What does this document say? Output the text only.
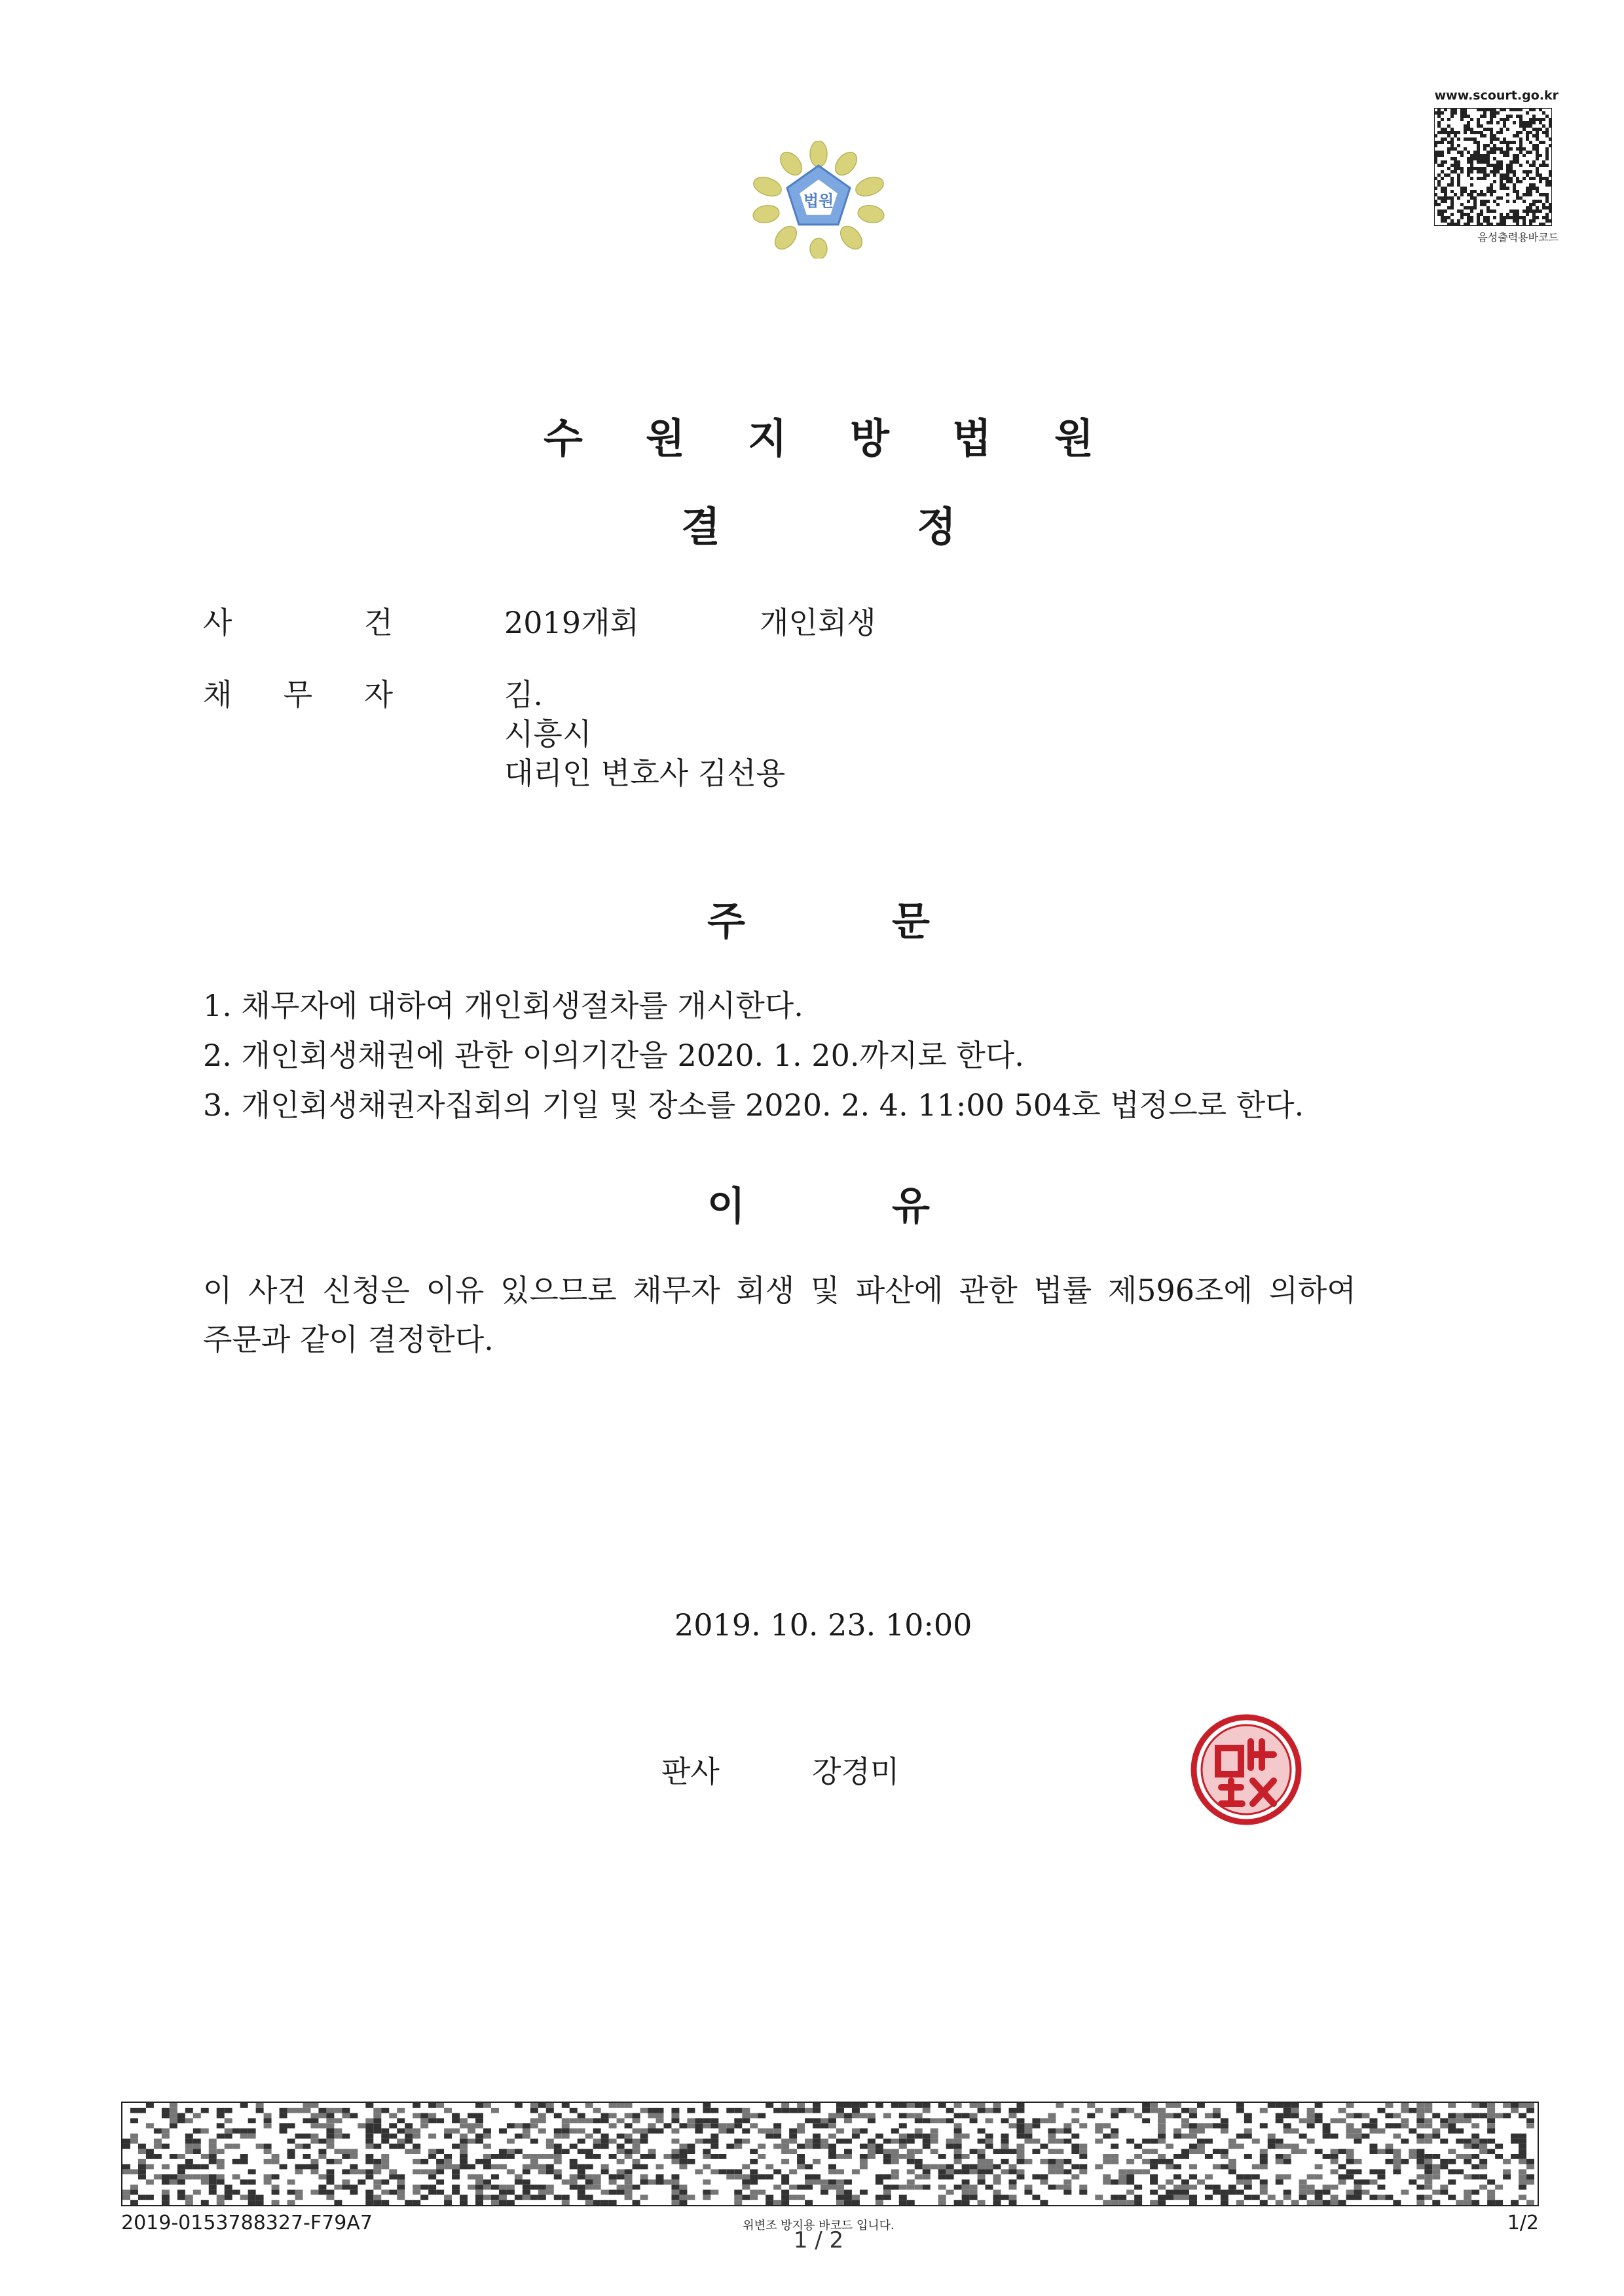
법원
www.scourt.go.kr
음성출력용바코드
수 원 지 방 법 원
결	정
사	건	2019개회	개인회생
채 무 자	김.
시흥시
대리인 변호사 김선용
주	문
1. 채무자에 대하여 개인회생절차를 개시한다.
2. 개인회생채권에 관한 이의기간을 2020. 1. 20.까지로 한다.
3. 개인회생채권자집회의 기일 및 장소를 2020. 2. 4. 11:00 504호 법정으로 한다.
이	유
이 사건 신청은 이유 있으므로 채무자 회생 및 파산에 관한 법률 제596조에 의하여
주문과 같이 결정한다.
2019. 10. 23. 10:00
판사	강경미
2019-0153788327-F79A7	위변조 방지용 바코드 입니다.
1 / 2
1/2
